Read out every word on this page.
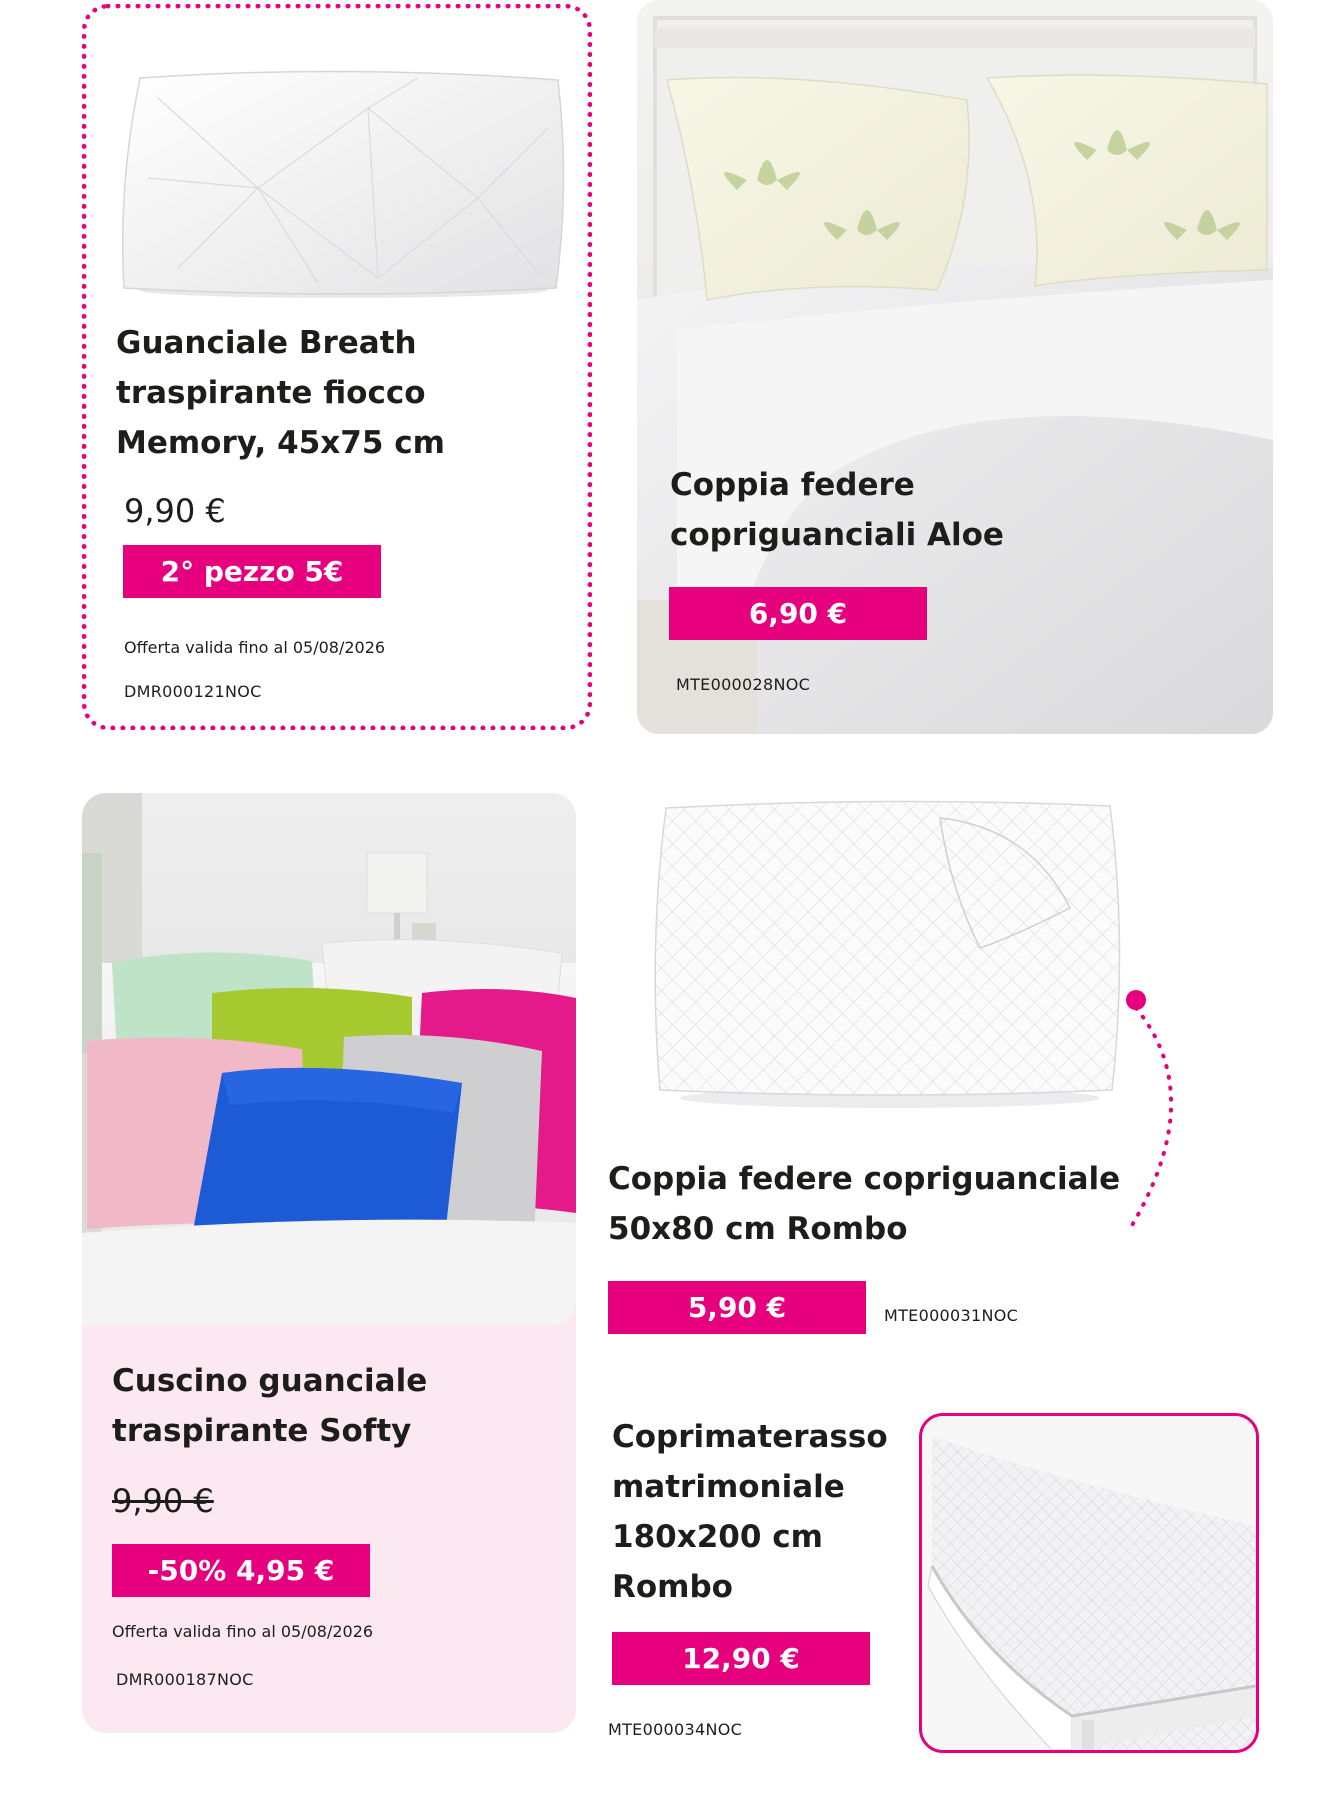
Guanciale Breath

traspirante fiocco

Memory, 45x75 cm

9,90 €
2° pezzo 5€
Offerta valida fino al 05/08/2026
DMR000121NOC

Coppia federe

copriguanciali Aloe

6,90 €
MTE000028NOC

Cuscino guanciale

traspirante Softy

9,90 €
-50% 4,95 €
Offerta valida fino al 05/08/2026
DMR000187NOC

Coppia federe copriguanciale

50x80 cm Rombo

5,90 €	MTE000031NOC

Coprimaterasso

matrimoniale

180x200 cm

Rombo

12,90 €
MTE000034NOC
